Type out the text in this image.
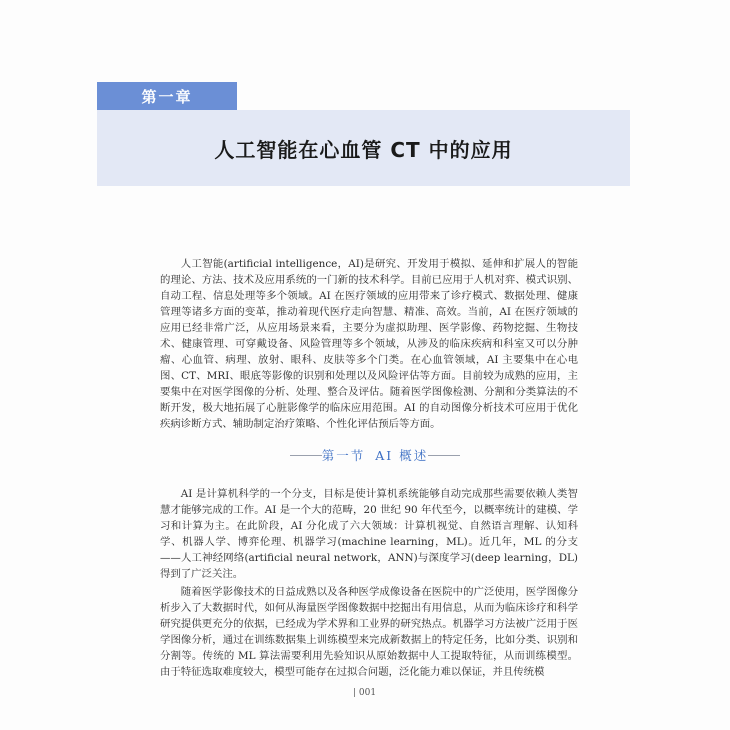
第一章
人工智能在心血管 CT 中的应用

人工智能(artificial intelligence，AI)是研究、开发用于模拟、延伸和扩展人的智能的理论、方法、技术及应用系统的一门新的技术科学。目前已应用于人机对弈、模式识别、自动工程、信息处理等多个领域。AI 在医疗领域的应用带来了诊疗模式、数据处理、健康管理等诸多方面的变革，推动着现代医疗走向智慧、精准、高效。当前，AI 在医疗领域的应用已经非常广泛，从应用场景来看，主要分为虚拟助理、医学影像、药物挖掘、生物技术、健康管理、可穿戴设备、风险管理等多个领域，从涉及的临床疾病和科室又可以分肿瘤、心血管、病理、放射、眼科、皮肤等多个门类。在心血管领域，AI 主要集中在心电图、CT、MRI、眼底等影像的识别和处理以及风险评估等方面。目前较为成熟的应用，主要集中在对医学图像的分析、处理、整合及评估。随着医学图像检测、分割和分类算法的不断开发，极大地拓展了心脏影像学的临床应用范围。AI 的自动图像分析技术可应用于优化疾病诊断方式、辅助制定治疗策略、个性化评估预后等方面。

第一节 AI 概述

AI 是计算机科学的一个分支，目标是使计算机系统能够自动完成那些需要依赖人类智慧才能够完成的工作。AI 是一个大的范畴，20 世纪 90 年代至今，以概率统计的建模、学习和计算为主。在此阶段，AI 分化成了六大领域：计算机视觉、自然语言理解、认知科学、机器人学、博弈伦理、机器学习(machine learning，ML)。近几年，ML 的分支——人工神经网络(artificial neural network，ANN)与深度学习(deep learning，DL)得到了广泛关注。

随着医学影像技术的日益成熟以及各种医学成像设备在医院中的广泛使用，医学图像分析步入了大数据时代，如何从海量医学图像数据中挖掘出有用信息，从而为临床诊疗和科学研究提供更充分的依据，已经成为学术界和工业界的研究热点。机器学习方法被广泛用于医学图像分析，通过在训练数据集上训练模型来完成新数据上的特定任务，比如分类、识别和分割等。传统的 ML 算法需要利用先验知识从原始数据中人工提取特征，从而训练模型。由于特征选取难度较大，模型可能存在过拟合问题，泛化能力难以保证，并且传统模

001
